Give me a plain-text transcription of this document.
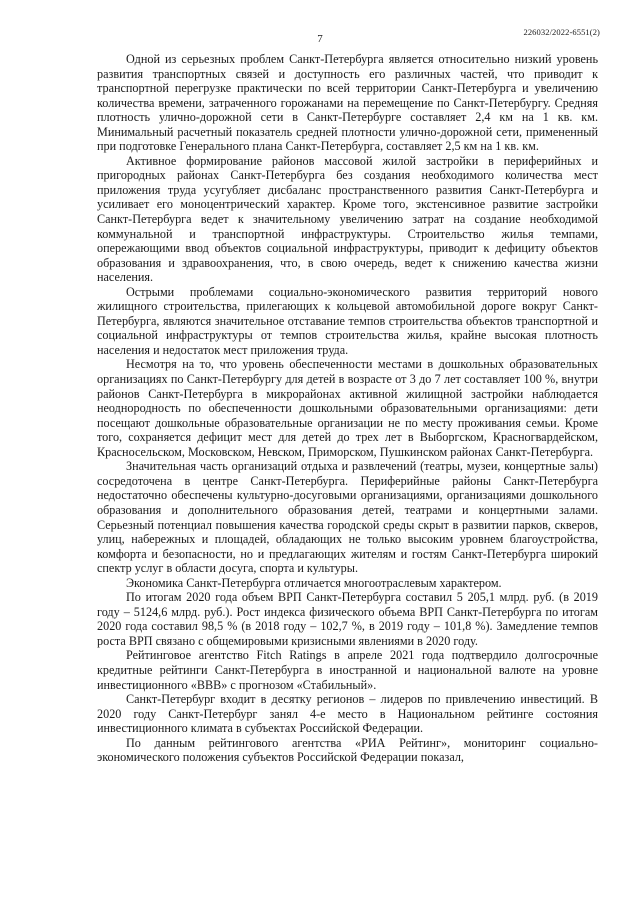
7
226032/2022-6551(2)

Одной из серьезных проблем Санкт-Петербурга является относительно низкий уровень развития транспортных связей и доступность его различных частей, что приводит к транспортной перегрузке практически по всей территории Санкт-Петербурга и увеличению количества времени, затраченного горожанами на перемещение по Санкт-Петербургу. Средняя плотность улично-дорожной сети в Санкт-Петербурге составляет 2,4 км на 1 кв. км. Минимальный расчетный показатель средней плотности улично-дорожной сети, примененный при подготовке Генерального плана Санкт-Петербурга, составляет 2,5 км на 1 кв. км.

Активное формирование районов массовой жилой застройки в периферийных и пригородных районах Санкт-Петербурга без создания необходимого количества мест приложения труда усугубляет дисбаланс пространственного развития Санкт-Петербурга и усиливает его моноцентрический характер. Кроме того, экстенсивное развитие застройки Санкт-Петербурга ведет к значительному увеличению затрат на создание необходимой коммунальной и транспортной инфраструктуры. Строительство жилья темпами, опережающими ввод объектов социальной инфраструктуры, приводит к дефициту объектов образования и здравоохранения, что, в свою очередь, ведет к снижению качества жизни населения.

Острыми проблемами социально-экономического развития территорий нового жилищного строительства, прилегающих к кольцевой автомобильной дороге вокруг Санкт-Петербурга, являются значительное отставание темпов строительства объектов транспортной и социальной инфраструктуры от темпов строительства жилья, крайне высокая плотность населения и недостаток мест приложения труда.

Несмотря на то, что уровень обеспеченности местами в дошкольных образовательных организациях по Санкт-Петербургу для детей в возрасте от 3 до 7 лет составляет 100 %, внутри районов Санкт-Петербурга в микрорайонах активной жилищной застройки наблюдается неоднородность по обеспеченности дошкольными образовательными организациями: дети посещают дошкольные образовательные организации не по месту проживания семьи. Кроме того, сохраняется дефицит мест для детей до трех лет в Выборгском, Красногвардейском, Красносельском, Московском, Невском, Приморском, Пушкинском районах Санкт-Петербурга.

Значительная часть организаций отдыха и развлечений (театры, музеи, концертные залы) сосредоточена в центре Санкт-Петербурга. Периферийные районы Санкт-Петербурга недостаточно обеспечены культурно-досуговыми организациями, организациями дошкольного образования и дополнительного образования детей, театрами и концертными залами. Серьезный потенциал повышения качества городской среды скрыт в развитии парков, скверов, улиц, набережных и площадей, обладающих не только высоким уровнем благоустройства, комфорта и безопасности, но и предлагающих жителям и гостям Санкт-Петербурга широкий спектр услуг в области досуга, спорта и культуры.

Экономика Санкт-Петербурга отличается многоотраслевым характером.

По итогам 2020 года объем ВРП Санкт-Петербурга составил 5 205,1 млрд. руб. (в 2019 году – 5124,6 млрд. руб.). Рост индекса физического объема ВРП Санкт-Петербурга по итогам 2020 года составил 98,5 % (в 2018 году – 102,7 %, в 2019 году – 101,8 %). Замедление темпов роста ВРП связано с общемировыми кризисными явлениями в 2020 году.

Рейтинговое агентство Fitch Ratings в апреле 2021 года подтвердило долгосрочные кредитные рейтинги Санкт-Петербурга в иностранной и национальной валюте на уровне инвестиционного «BBB» с прогнозом «Стабильный».

Санкт-Петербург входит в десятку регионов – лидеров по привлечению инвестиций. В 2020 году Санкт-Петербург занял 4-е место в Национальном рейтинге состояния инвестиционного климата в субъектах Российской Федерации.

По данным рейтингового агентства «РИА Рейтинг», мониторинг социально-экономического положения субъектов Российской Федерации показал,
